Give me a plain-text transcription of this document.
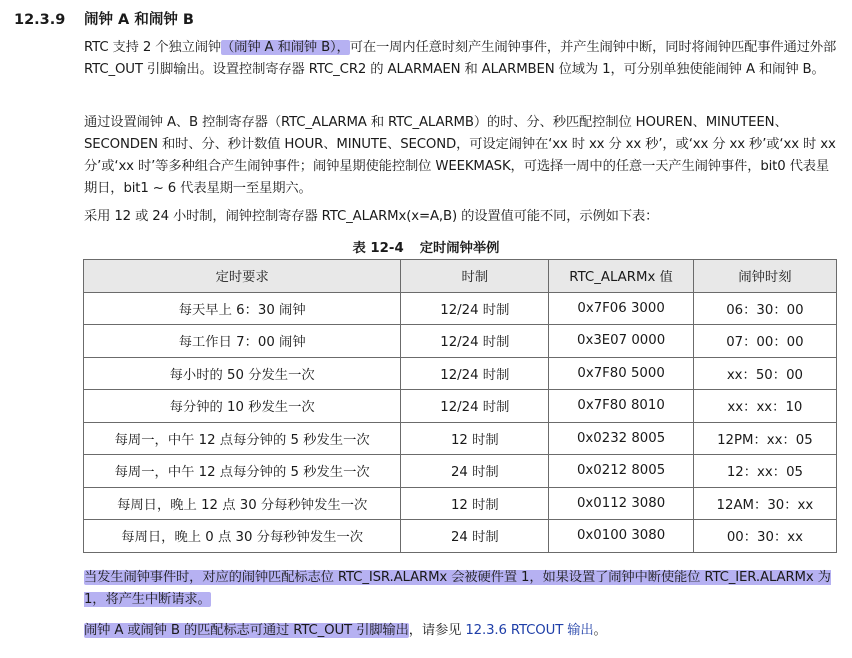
12.3.9 闹钟 A 和闹钟 B
RTC 支持 2 个独立闹钟（闹钟 A 和闹钟 B），可在一周内任意时刻产生闹钟事件，并产生闹钟中断，同时将闹钟匹配事件通过外部 RTC_OUT 引脚输出。设置控制寄存器 RTC_CR2 的 ALARMAEN 和 ALARMBEN 位域为 1，可分别单独使能闹钟 A 和闹钟 B。
通过设置闹钟 A、B 控制寄存器（RTC_ALARMA 和 RTC_ALARMB）的时、分、秒匹配控制位 HOUREN、MINUTEEN、SECONDEN 和时、分、秒计数值 HOUR、MINUTE、SECOND，可设定闹钟在‘xx 时 xx 分 xx 秒’，或‘xx 分 xx 秒’或‘xx 时 xx 分’或‘xx 时’等多种组合产生闹钟事件；闹钟星期使能控制位 WEEKMASK，可选择一周中的任意一天产生闹钟事件，bit0 代表星期日，bit1 ~ 6 代表星期一至星期六。
采用 12 或 24 小时制，闹钟控制寄存器 RTC_ALARMx(x=A,B) 的设置值可能不同，示例如下表：
表 12-4 定时闹钟举例
定时要求	时制	RTC_ALARMx 值	闹钟时刻
每天早上 6：30 闹钟	12/24 时制	0x7F06 3000	06：30：00
每工作日 7：00 闹钟	12/24 时制	0x3E07 0000	07：00：00
每小时的 50 分发生一次	12/24 时制	0x7F80 5000	xx：50：00
每分钟的 10 秒发生一次	12/24 时制	0x7F80 8010	xx：xx：10
每周一，中午 12 点每分钟的 5 秒发生一次	12 时制	0x0232 8005	12PM：xx：05
每周一，中午 12 点每分钟的 5 秒发生一次	24 时制	0x0212 8005	12：xx：05
每周日，晚上 12 点 30 分每秒钟发生一次	12 时制	0x0112 3080	12AM：30：xx
每周日，晚上 0 点 30 分每秒钟发生一次	24 时制	0x0100 3080	00：30：xx
当发生闹钟事件时，对应的闹钟匹配标志位 RTC_ISR.ALARMx 会被硬件置 1，如果设置了闹钟中断使能位 RTC_IER.ALARMx 为 1，将产生中断请求。
闹钟 A 或闹钟 B 的匹配标志可通过 RTC_OUT 引脚输出，请参见 12.3.6 RTCOUT 输出。
